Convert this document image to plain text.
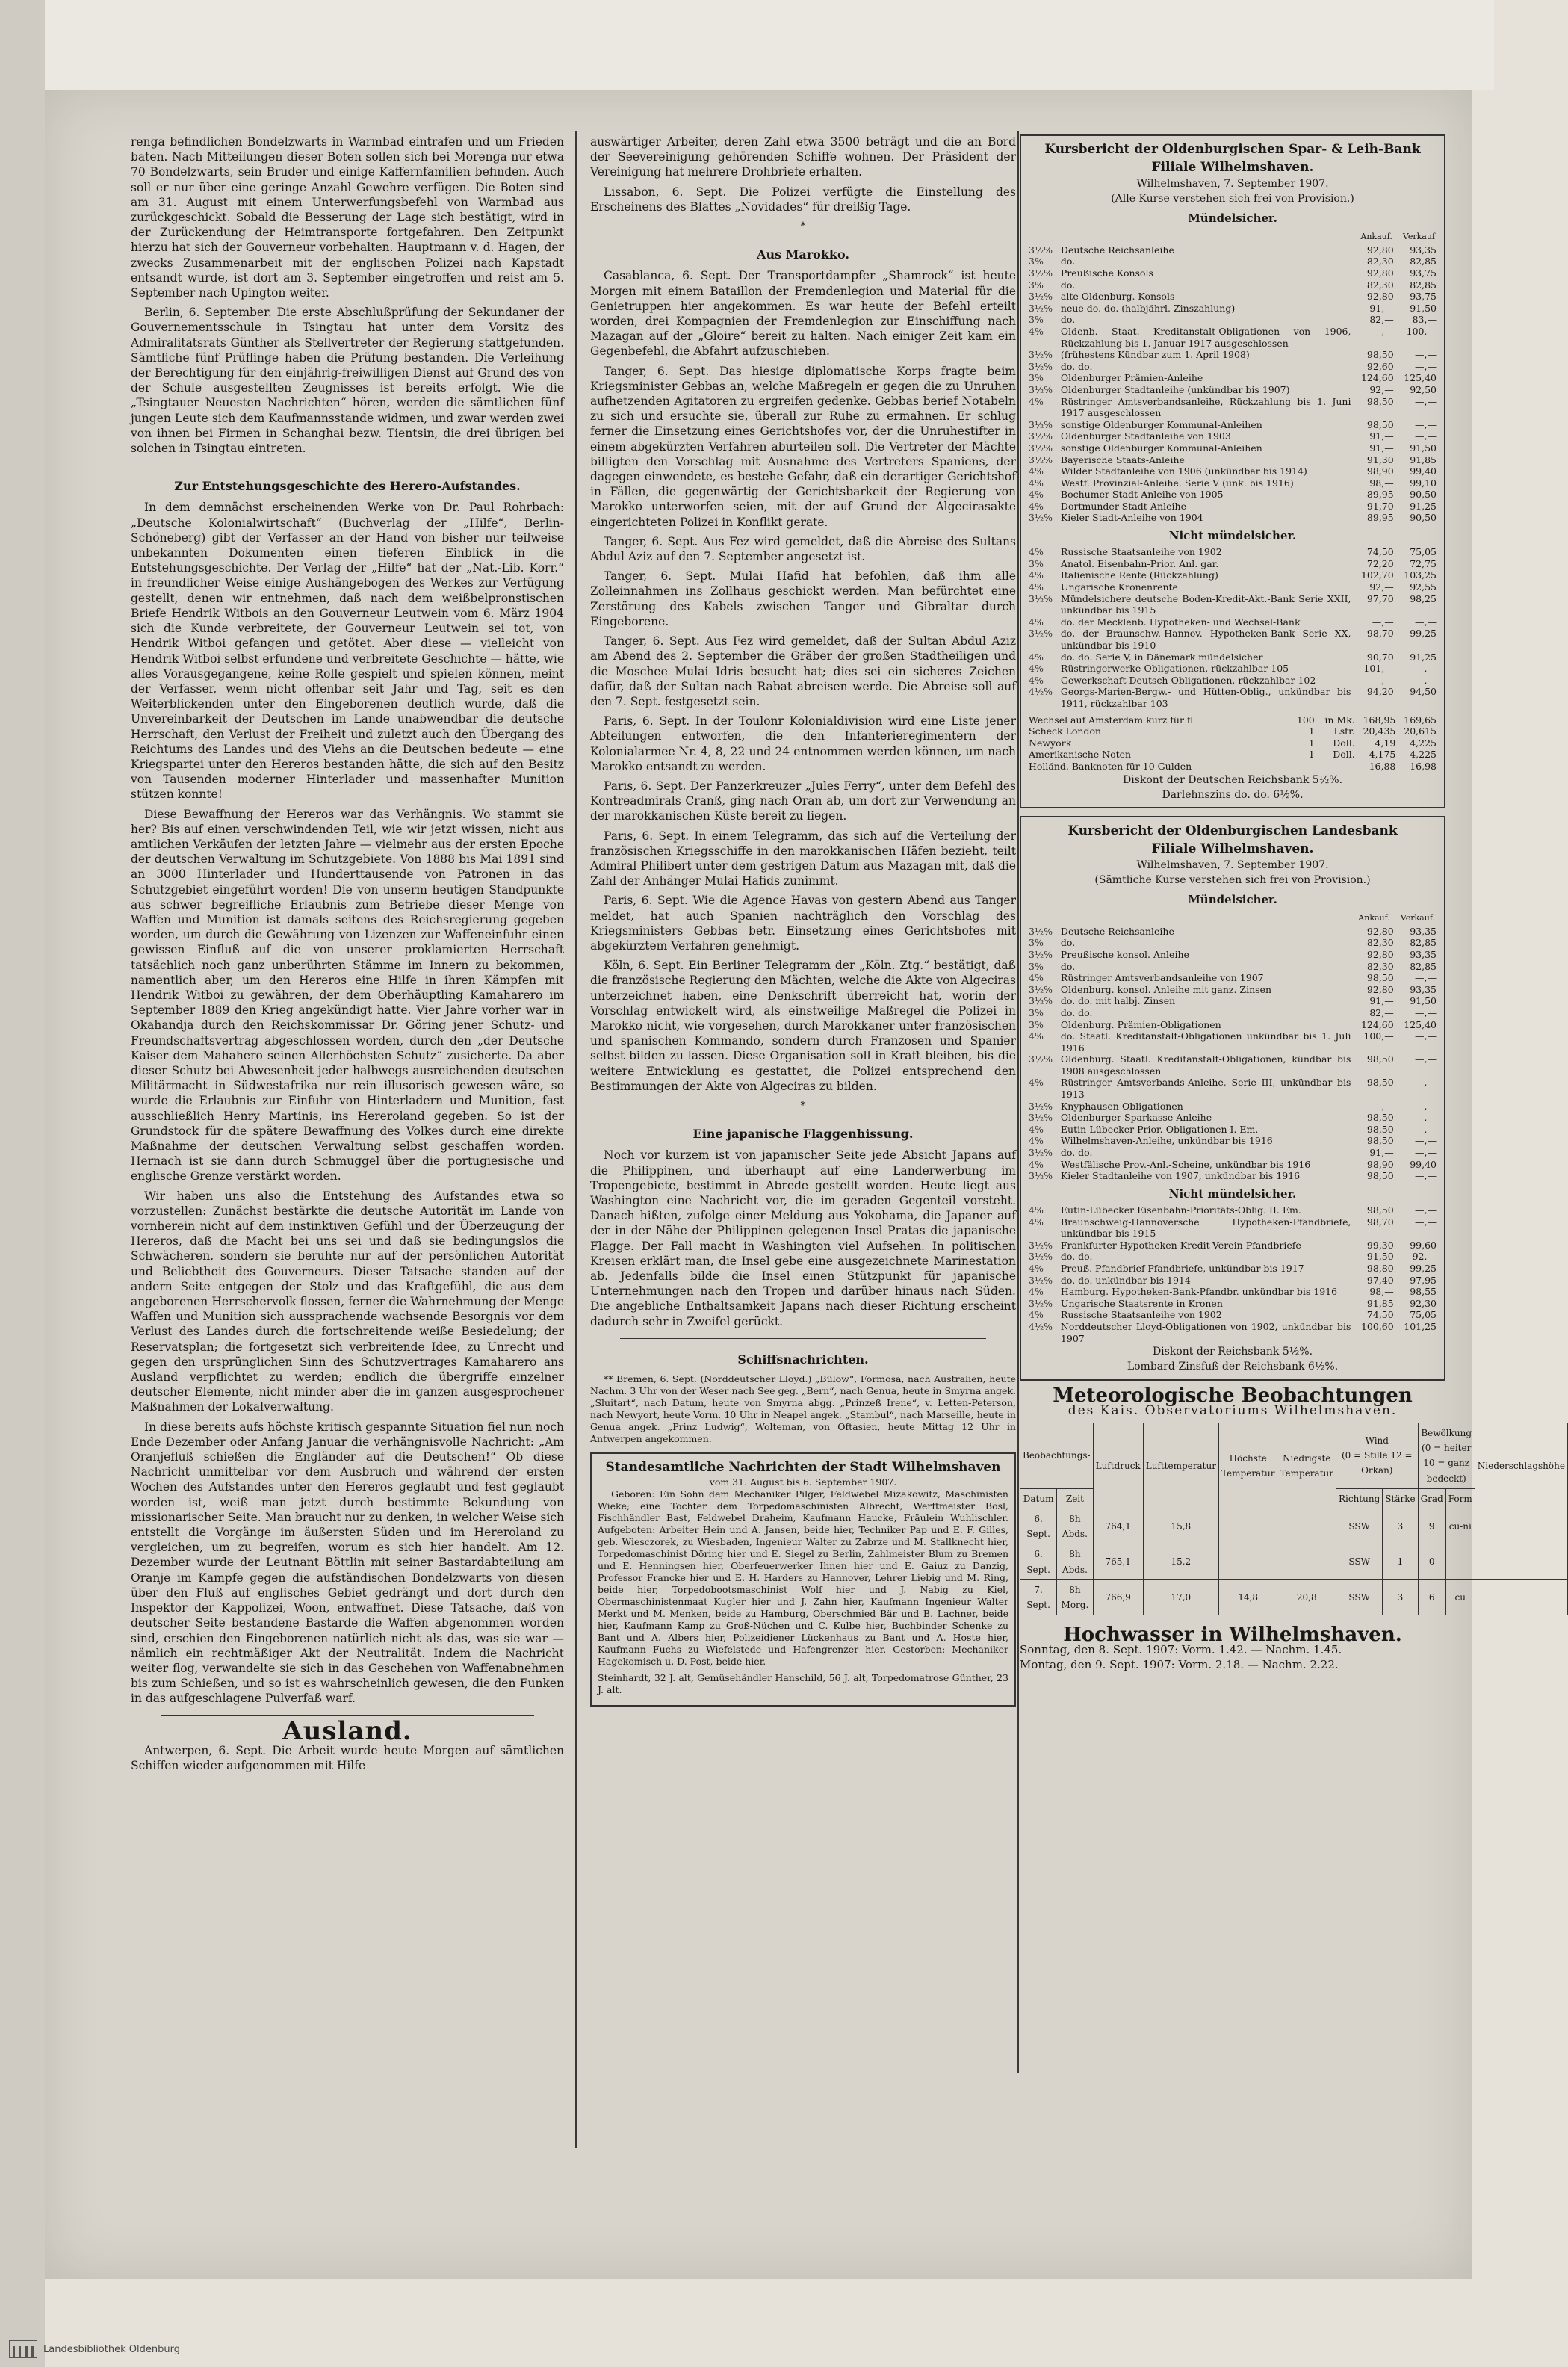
renga befindlichen Bondelzwarts in Warmbad eintrafen und um Frieden baten. Nach Mitteilungen dieser Boten sollen sich bei Morenga nur etwa 70 Bondelzwarts, sein Bruder und einige Kaffernfamilien befinden. Auch soll er nur über eine geringe Anzahl Gewehre verfügen. Die Boten sind am 31. August mit einem Unterwerfungsbefehl von Warmbad aus zurückgeschickt. Sobald die Besserung der Lage sich bestätigt, wird in der Zurückendung der Heimtransporte fortgefahren. Den Zeitpunkt hierzu hat sich der Gouverneur vorbehalten. Hauptmann v. d. Hagen, der zwecks Zusammenarbeit mit der englischen Polizei nach Kapstadt entsandt wurde, ist dort am 3. September eingetroffen und reist am 5. September nach Upington weiter.

Berlin, 6. September. Die erste Abschlußprüfung der Sekundaner der Gouvernementsschule in Tsingtau hat unter dem Vorsitz des Admiralitätsrats Günther als Stellvertreter der Regierung stattgefunden. Sämtliche fünf Prüflinge haben die Prüfung bestanden. Die Verleihung der Berechtigung für den einjährig-freiwilligen Dienst auf Grund des von der Schule ausgestellten Zeugnisses ist bereits erfolgt. Wie die „Tsingtauer Neuesten Nachrichten“ hören, werden die sämtlichen fünf jungen Leute sich dem Kaufmannsstande widmen, und zwar werden zwei von ihnen bei Firmen in Schanghai bezw. Tientsin, die drei übrigen bei solchen in Tsingtau eintreten.

Zur Entstehungsgeschichte des Herero-Aufstandes.

In dem demnächst erscheinenden Werke von Dr. Paul Rohrbach: „Deutsche Kolonialwirtschaft“ (Buchverlag der „Hilfe“, Berlin-Schöneberg) gibt der Verfasser an der Hand von bisher nur teilweise unbekannten Dokumenten einen tieferen Einblick in die Entstehungsgeschichte. Der Verlag der „Hilfe“ hat der „Nat.-Lib. Korr.“ in freundlicher Weise einige Aushängebogen des Werkes zur Verfügung gestellt, denen wir entnehmen, daß nach dem weißbelpronstischen Briefe Hendrik Witbois an den Gouverneur Leutwein vom 6. März 1904 sich die Kunde verbreitete, der Gouverneur Leutwein sei tot, von Hendrik Witboi gefangen und getötet. Aber diese — vielleicht von Hendrik Witboi selbst erfundene und verbreitete Geschichte — hätte, wie alles Vorausgegangene, keine Rolle gespielt und spielen können, meint der Verfasser, wenn nicht offenbar seit Jahr und Tag, seit es den Weiterblickenden unter den Eingeborenen deutlich wurde, daß die Unvereinbarkeit der Deutschen im Lande unabwendbar die deutsche Herrschaft, den Verlust der Freiheit und zuletzt auch den Übergang des Reichtums des Landes und des Viehs an die Deutschen bedeute — eine Kriegspartei unter den Hereros bestanden hätte, die sich auf den Besitz von Tausenden moderner Hinterlader und massenhafter Munition stützen konnte!

Diese Bewaffnung der Hereros war das Verhängnis. Wo stammt sie her? Bis auf einen verschwindenden Teil, wie wir jetzt wissen, nicht aus amtlichen Verkäufen der letzten Jahre — vielmehr aus der ersten Epoche der deutschen Verwaltung im Schutzgebiete. Von 1888 bis Mai 1891 sind an 3000 Hinterlader und Hunderttausende von Patronen in das Schutzgebiet eingeführt worden! Die von unserm heutigen Standpunkte aus schwer begreifliche Erlaubnis zum Betriebe dieser Menge von Waffen und Munition ist damals seitens des Reichsregierung gegeben worden, um durch die Gewährung von Lizenzen zur Waffeneinfuhr einen gewissen Einfluß auf die von unserer proklamierten Herrschaft tatsächlich noch ganz unberührten Stämme im Innern zu bekommen, namentlich aber, um den Hereros eine Hilfe in ihren Kämpfen mit Hendrik Witboi zu gewähren, der dem Oberhäuptling Kamaharero im September 1889 den Krieg angekündigt hatte. Vier Jahre vorher war in Okahandja durch den Reichskommissar Dr. Göring jener Schutz- und Freundschaftsvertrag abgeschlossen worden, durch den „der Deutsche Kaiser dem Mahahero seinen Allerhöchsten Schutz“ zusicherte. Da aber dieser Schutz bei Abwesenheit jeder halbwegs ausreichenden deutschen Militärmacht in Südwestafrika nur rein illusorisch gewesen wäre, so wurde die Erlaubnis zur Einfuhr von Hinterladern und Munition, fast ausschließlich Henry Martinis, ins Hereroland gegeben. So ist der Grundstock für die spätere Bewaffnung des Volkes durch eine direkte Maßnahme der deutschen Verwaltung selbst geschaffen worden. Hernach ist sie dann durch Schmuggel über die portugiesische und englische Grenze verstärkt worden.

Wir haben uns also die Entstehung des Aufstandes etwa so vorzustellen: Zunächst bestärkte die deutsche Autorität im Lande von vornherein nicht auf dem instinktiven Gefühl und der Überzeugung der Hereros, daß die Macht bei uns sei und daß sie bedingungslos die Schwächeren, sondern sie beruhte nur auf der persönlichen Autorität und Beliebtheit des Gouverneurs. Dieser Tatsache standen auf der andern Seite entgegen der Stolz und das Kraftgefühl, die aus dem angeborenen Herrschervolk flossen, ferner die Wahrnehmung der Menge Waffen und Munition sich aussprachende wachsende Besorgnis vor dem Verlust des Landes durch die fortschreitende weiße Besiedelung; der Reservatsplan; die fortgesetzt sich verbreitende Idee, zu Unrecht und gegen den ursprünglichen Sinn des Schutzvertrages Kamaharero ans Ausland verpflichtet zu werden; endlich die übergriffe einzelner deutscher Elemente, nicht minder aber die im ganzen ausgesprochener Maßnahmen der Lokalverwaltung.

In diese bereits aufs höchste kritisch gespannte Situation fiel nun noch Ende Dezember oder Anfang Januar die verhängnisvolle Nachricht: „Am Oranjefluß schießen die Engländer auf die Deutschen!“ Ob diese Nachricht unmittelbar vor dem Ausbruch und während der ersten Wochen des Aufstandes unter den Hereros geglaubt und fest geglaubt worden ist, weiß man jetzt durch bestimmte Bekundung von missionarischer Seite. Man braucht nur zu denken, in welcher Weise sich entstellt die Vorgänge im äußersten Süden und im Hereroland zu vergleichen, um zu begreifen, worum es sich hier handelt. Am 12. Dezember wurde der Leutnant Böttlin mit seiner Bastardabteilung am Oranje im Kampfe gegen die aufständischen Bondelzwarts von diesen über den Fluß auf englisches Gebiet gedrängt und dort durch den Inspektor der Kappolizei, Woon, entwaffnet. Diese Tatsache, daß von deutscher Seite bestandene Bastarde die Waffen abgenommen worden sind, erschien den Eingeborenen natürlich nicht als das, was sie war — nämlich ein rechtmäßiger Akt der Neutralität. Indem die Nachricht weiter flog, verwandelte sie sich in das Geschehen von Waffenabnehmen bis zum Schießen, und so ist es wahrscheinlich gewesen, die den Funken in das aufgeschlagene Pulverfaß warf.

Ausland.

Antwerpen, 6. Sept. Die Arbeit wurde heute Morgen auf sämtlichen Schiffen wieder aufgenommen mit Hilfe

auswärtiger Arbeiter, deren Zahl etwa 3500 beträgt und die an Bord der Seevereinigung gehörenden Schiffe wohnen. Der Präsident der Vereinigung hat mehrere Drohbriefe erhalten.

Lissabon, 6. Sept. Die Polizei verfügte die Einstellung des Erscheinens des Blattes „Novidades“ für dreißig Tage.

*
Aus Marokko.

Casablanca, 6. Sept. Der Transportdampfer „Shamrock“ ist heute Morgen mit einem Bataillon der Fremdenlegion und Material für die Genietruppen hier angekommen. Es war heute der Befehl erteilt worden, drei Kompagnien der Fremdenlegion zur Einschiffung nach Mazagan auf der „Gloire“ bereit zu halten. Nach einiger Zeit kam ein Gegenbefehl, die Abfahrt aufzuschieben.

Tanger, 6. Sept. Das hiesige diplomatische Korps fragte beim Kriegsminister Gebbas an, welche Maßregeln er gegen die zu Unruhen aufhetzenden Agitatoren zu ergreifen gedenke. Gebbas berief Notabeln zu sich und ersuchte sie, überall zur Ruhe zu ermahnen. Er schlug ferner die Einsetzung eines Gerichtshofes vor, der die Unruhestifter in einem abgekürzten Verfahren aburteilen soll. Die Vertreter der Mächte billigten den Vorschlag mit Ausnahme des Vertreters Spaniens, der dagegen einwendete, es bestehe Gefahr, daß ein derartiger Gerichtshof in Fällen, die gegenwärtig der Gerichtsbarkeit der Regierung von Marokko unterworfen seien, mit der auf Grund der Algecirasakte eingerichteten Polizei in Konflikt gerate.

Tanger, 6. Sept. Aus Fez wird gemeldet, daß die Abreise des Sultans Abdul Aziz auf den 7. September angesetzt ist.

Tanger, 6. Sept. Mulai Hafid hat befohlen, daß ihm alle Zolleinnahmen ins Zollhaus geschickt werden. Man befürchtet eine Zerstörung des Kabels zwischen Tanger und Gibraltar durch Eingeborene.

Tanger, 6. Sept. Aus Fez wird gemeldet, daß der Sultan Abdul Aziz am Abend des 2. September die Gräber der großen Stadtheiligen und die Moschee Mulai Idris besucht hat; dies sei ein sicheres Zeichen dafür, daß der Sultan nach Rabat abreisen werde. Die Abreise soll auf den 7. Sept. festgesetzt sein.

Paris, 6. Sept. In der Toulonr Kolonialdivision wird eine Liste jener Abteilungen entworfen, die den Infanterieregimentern der Kolonialarmee Nr. 4, 8, 22 und 24 entnommen werden können, um nach Marokko entsandt zu werden.

Paris, 6. Sept. Der Panzerkreuzer „Jules Ferry“, unter dem Befehl des Kontreadmirals Cranß, ging nach Oran ab, um dort zur Verwendung an der marokkanischen Küste bereit zu liegen.

Paris, 6. Sept. In einem Telegramm, das sich auf die Verteilung der französischen Kriegsschiffe in den marokkanischen Häfen bezieht, teilt Admiral Philibert unter dem gestrigen Datum aus Mazagan mit, daß die Zahl der Anhänger Mulai Hafids zunimmt.

Paris, 6. Sept. Wie die Agence Havas von gestern Abend aus Tanger meldet, hat auch Spanien nachträglich den Vorschlag des Kriegsministers Gebbas betr. Einsetzung eines Gerichtshofes mit abgekürztem Verfahren genehmigt.

Köln, 6. Sept. Ein Berliner Telegramm der „Köln. Ztg.“ bestätigt, daß die französische Regierung den Mächten, welche die Akte von Algeciras unterzeichnet haben, eine Denkschrift überreicht hat, worin der Vorschlag entwickelt wird, als einstweilige Maßregel die Polizei in Marokko nicht, wie vorgesehen, durch Marokkaner unter französischen und spanischen Kommando, sondern durch Franzosen und Spanier selbst bilden zu lassen. Diese Organisation soll in Kraft bleiben, bis die weitere Entwicklung es gestattet, die Polizei entsprechend den Bestimmungen der Akte von Algeciras zu bilden.

*
Eine japanische Flaggenhissung.

Noch vor kurzem ist von japanischer Seite jede Absicht Japans auf die Philippinen, und überhaupt auf eine Landerwerbung im Tropengebiete, bestimmt in Abrede gestellt worden. Heute liegt aus Washington eine Nachricht vor, die im geraden Gegenteil vorsteht. Danach hißten, zufolge einer Meldung aus Yokohama, die Japaner auf der in der Nähe der Philippinen gelegenen Insel Pratas die japanische Flagge. Der Fall macht in Washington viel Aufsehen. In politischen Kreisen erklärt man, die Insel gebe eine ausgezeichnete Marinestation ab. Jedenfalls bilde die Insel einen Stützpunkt für japanische Unternehmungen nach den Tropen und darüber hinaus nach Süden. Die angebliche Enthaltsamkeit Japans nach dieser Richtung erscheint dadurch sehr in Zweifel gerückt.

Schiffsnachrichten.

** Bremen, 6. Sept. (Norddeutscher Lloyd.) „Bülow“, Formosa, nach Australien, heute Nachm. 3 Uhr von der Weser nach See geg. „Bern“, nach Genua, heute in Smyrna angek. „Sluitart“, nach Datum, heute von Smyrna abgg. „Prinzeß Irene“, v. Letten-Peterson, nach Newyort, heute Vorm. 10 Uhr in Neapel angek. „Stambul“, nach Marseille, heute in Genua angek. „Prinz Ludwig“, Wolteman, von Oftasien, heute Mittag 12 Uhr in Antwerpen angekommen.

Standesamtliche Nachrichten der Stadt Wilhelmshaven
vom 31. August bis 6. September 1907.

Geboren: Ein Sohn dem Mechaniker Pilger, Feldwebel Mizakowitz, Maschinisten Wieke; eine Tochter dem Torpedomaschinisten Albrecht, Werftmeister Bosl, Fischhändler Bast, Feldwebel Draheim, Kaufmann Haucke, Fräulein Wuhlischler. Aufgeboten: Arbeiter Hein und A. Jansen, beide hier, Techniker Pap und E. F. Gilles, geb. Wiesczorek, zu Wiesbaden, Ingenieur Walter zu Zabrze und M. Stallknecht hier, Torpedomaschinist Döring hier und E. Siegel zu Berlin, Zahlmeister Blum zu Bremen und E. Henningsen hier, Oberfeuerwerker Ihnen hier und E. Gaiuz zu Danzig, Professor Francke hier und E. H. Harders zu Hannover, Lehrer Liebig und M. Ring, beide hier, Torpedobootsmaschinist Wolf hier und J. Nabig zu Kiel, Obermaschinistenmaat Kugler hier und J. Zahn hier, Kaufmann Ingenieur Walter Merkt und M. Menken, beide zu Hamburg, Oberschmied Bär und B. Lachner, beide hier, Kaufmann Kamp zu Groß-Nüchen und C. Kulbe hier, Buchbinder Schenke zu Bant und A. Albers hier, Polizeidiener Lückenhaus zu Bant und A. Hoste hier, Kaufmann Fuchs zu Wiefelstede und Hafengrenzer hier. Gestorben: Mechaniker Hagekomisch u. D. Post, beide hier.

Steinhardt, 32 J. alt, Gemüsehändler Hanschild, 56 J. alt, Torpedomatrose Günther, 23 J. alt.

Kursbericht der Oldenburgischen Spar- & Leih-Bank
Filiale Wilhelmshaven.
Wilhelmshaven, 7. September 1907.
(Alle Kurse verstehen sich frei von Provision.)
Mündelsicher.
Ankauf. Verkauf
3½%	Deutsche Reichsanleihe	92,80	93,35
3%	do.	82,30	82,85
3½%	Preußische Konsols	92,80	93,75
3%	do.	82,30	82,85
3½%	alte Oldenburg. Konsols	92,80	93,75
3½%	neue do. do. (halbjährl. Zinszahlung)	91,—	91,50
3%	do.	82,—	83,—
4%	Oldenb. Staat. Kreditanstalt-Obligationen von 1906, Rückzahlung bis 1. Januar 1917 ausgeschlossen	—,—	100,—
3½%	(frühestens Kündbar zum 1. April 1908)	98,50	—,—
3½%	do. do.	92,60	—,—
3%	Oldenburger Prämien-Anleihe	124,60	125,40
3½%	Oldenburger Stadtanleihe (unkündbar bis 1907)	92,—	92,50
4%	Rüstringer Amtsverbandsanleihe, Rückzahlung bis 1. Juni 1917 ausgeschlossen	98,50	—,—
3½%	sonstige Oldenburger Kommunal-Anleihen	98,50	—,—
3½%	Oldenburger Stadtanleihe von 1903	91,—	—,—
3½%	sonstige Oldenburger Kommunal-Anleihen	91,—	91,50
3½%	Bayerische Staats-Anleihe	91,30	91,85
4%	Wilder Stadtanleihe von 1906 (unkündbar bis 1914)	98,90	99,40
4%	Westf. Provinzial-Anleihe. Serie V (unk. bis 1916)	98,—	99,10
4%	Bochumer Stadt-Anleihe von 1905	89,95	90,50
4%	Dortmunder Stadt-Anleihe	91,70	91,25
3½%	Kieler Stadt-Anleihe von 1904	89,95	90,50
Nicht mündelsicher.
4%	Russische Staatsanleihe von 1902	74,50	75,05
3%	Anatol. Eisenbahn-Prior. Anl. gar.	72,20	72,75
4%	Italienische Rente (Rückzahlung)	102,70	103,25
4%	Ungarische Kronenrente	92,—	92,55
3½%	Mündelsichere deutsche Boden-Kredit-Akt.-Bank Serie XXII, unkündbar bis 1915	97,70	98,25
4%	do. der Mecklenb. Hypotheken- und Wechsel-Bank	—,—	—,—
3½%	do. der Braunschw.-Hannov. Hypotheken-Bank Serie XX, unkündbar bis 1910	98,70	99,25
4%	do. do. Serie V, in Dänemark mündelsicher	90,70	91,25
4%	Rüstringerwerke-Obligationen, rückzahlbar 105	101,—	—,—
4%	Gewerkschaft Deutsch-Obligationen, rückzahlbar 102	—,—	—,—
4½%	Georgs-Marien-Bergw.- und Hütten-Oblig., unkündbar bis 1911, rückzahlbar 103	94,20	94,50
Wechsel auf Amsterdam kurz für fl	100	in Mk.	168,95	169,65
Scheck London	1	Lstr.	20,435	20,615
Newyork	1	Doll.	4,19	4,225
Amerikanische Noten	1	Doll.	4,175	4,225
Holländ. Banknoten für 10 Gulden			16,88	16,98
Diskont der Deutschen Reichsbank 5½%.
Darlehnszins do. do. 6½%.
Kursbericht der Oldenburgischen Landesbank
Filiale Wilhelmshaven.
Wilhelmshaven, 7. September 1907.
(Sämtliche Kurse verstehen sich frei von Provision.)
Mündelsicher.
Ankauf. Verkauf.
3½%	Deutsche Reichsanleihe	92,80	93,35
3%	do.	82,30	82,85
3½%	Preußische konsol. Anleihe	92,80	93,35
3%	do.	82,30	82,85
4%	Rüstringer Amtsverbandsanleihe von 1907	98,50	—,—
3½%	Oldenburg. konsol. Anleihe mit ganz. Zinsen	92,80	93,35
3½%	do. do. mit halbj. Zinsen	91,—	91,50
3%	do. do.	82,—	—,—
3%	Oldenburg. Prämien-Obligationen	124,60	125,40
4%	do. Staatl. Kreditanstalt-Obligationen unkündbar bis 1. Juli 1916	100,—	—,—
3½%	Oldenburg. Staatl. Kreditanstalt-Obligationen, kündbar bis 1908 ausgeschlossen	98,50	—,—
4%	Rüstringer Amtsverbands-Anleihe, Serie III, unkündbar bis 1913	98,50	—,—
3½%	Knyphausen-Obligationen	—,—	—,—
3½%	Oldenburger Sparkasse Anleihe	98,50	—,—
4%	Eutin-Lübecker Prior.-Obligationen I. Em.	98,50	—,—
4%	Wilhelmshaven-Anleihe, unkündbar bis 1916	98,50	—,—
3½%	do. do.	91,—	—,—
4%	Westfälische Prov.-Anl.-Scheine, unkündbar bis 1916	98,90	99,40
3½%	Kieler Stadtanleihe von 1907, unkündbar bis 1916	98,50	—,—
Nicht mündelsicher.
4%	Eutin-Lübecker Eisenbahn-Prioritäts-Oblig. II. Em.	98,50	—,—
4%	Braunschweig-Hannoversche Hypotheken-Pfandbriefe, unkündbar bis 1915	98,70	—,—
3½%	Frankfurter Hypotheken-Kredit-Verein-Pfandbriefe	99,30	99,60
3½%	do. do.	91,50	92,—
4%	Preuß. Pfandbrief-Pfandbriefe, unkündbar bis 1917	98,80	99,25
3½%	do. do. unkündbar bis 1914	97,40	97,95
4%	Hamburg. Hypotheken-Bank-Pfandbr. unkündbar bis 1916	98,—	98,55
3½%	Ungarische Staatsrente in Kronen	91,85	92,30
4%	Russische Staatsanleihe von 1902	74,50	75,05
4½%	Norddeutscher Lloyd-Obligationen von 1902, unkündbar bis 1907	100,60	101,25
Diskont der Reichsbank 5½%.
Lombard-Zinsfuß der Reichsbank 6½%.
Meteorologische Beobachtungen
des Kais. Observatoriums Wilhelmshaven.
Beobachtungs-		Luftdruck	Lufttemperatur	Höchste Temperatur	Niedrigste Temperatur	Wind
(0 = Stille 12 = Orkan)		Bewölkung
(0 = heiter 10 = ganz bedeckt)		Niederschlagshöhe
Datum	Zeit					Richtung	Stärke	Grad	Form	
6. Sept.	8h Abds.	764,1	15,8			SSW	3	9	cu-ni	
6. Sept.	8h Abds.	765,1	15,2			SSW	1	0	—	
7. Sept.	8h Morg.	766,9	17,0	14,8	20,8	SSW	3	6	cu	
Hochwasser in Wilhelmshaven.
Sonntag, den 8. Sept. 1907: Vorm. 1.42. — Nachm. 1.45.
Montag, den 9. Sept. 1907: Vorm. 2.18. — Nachm. 2.22.
Landesbibliothek Oldenburg
